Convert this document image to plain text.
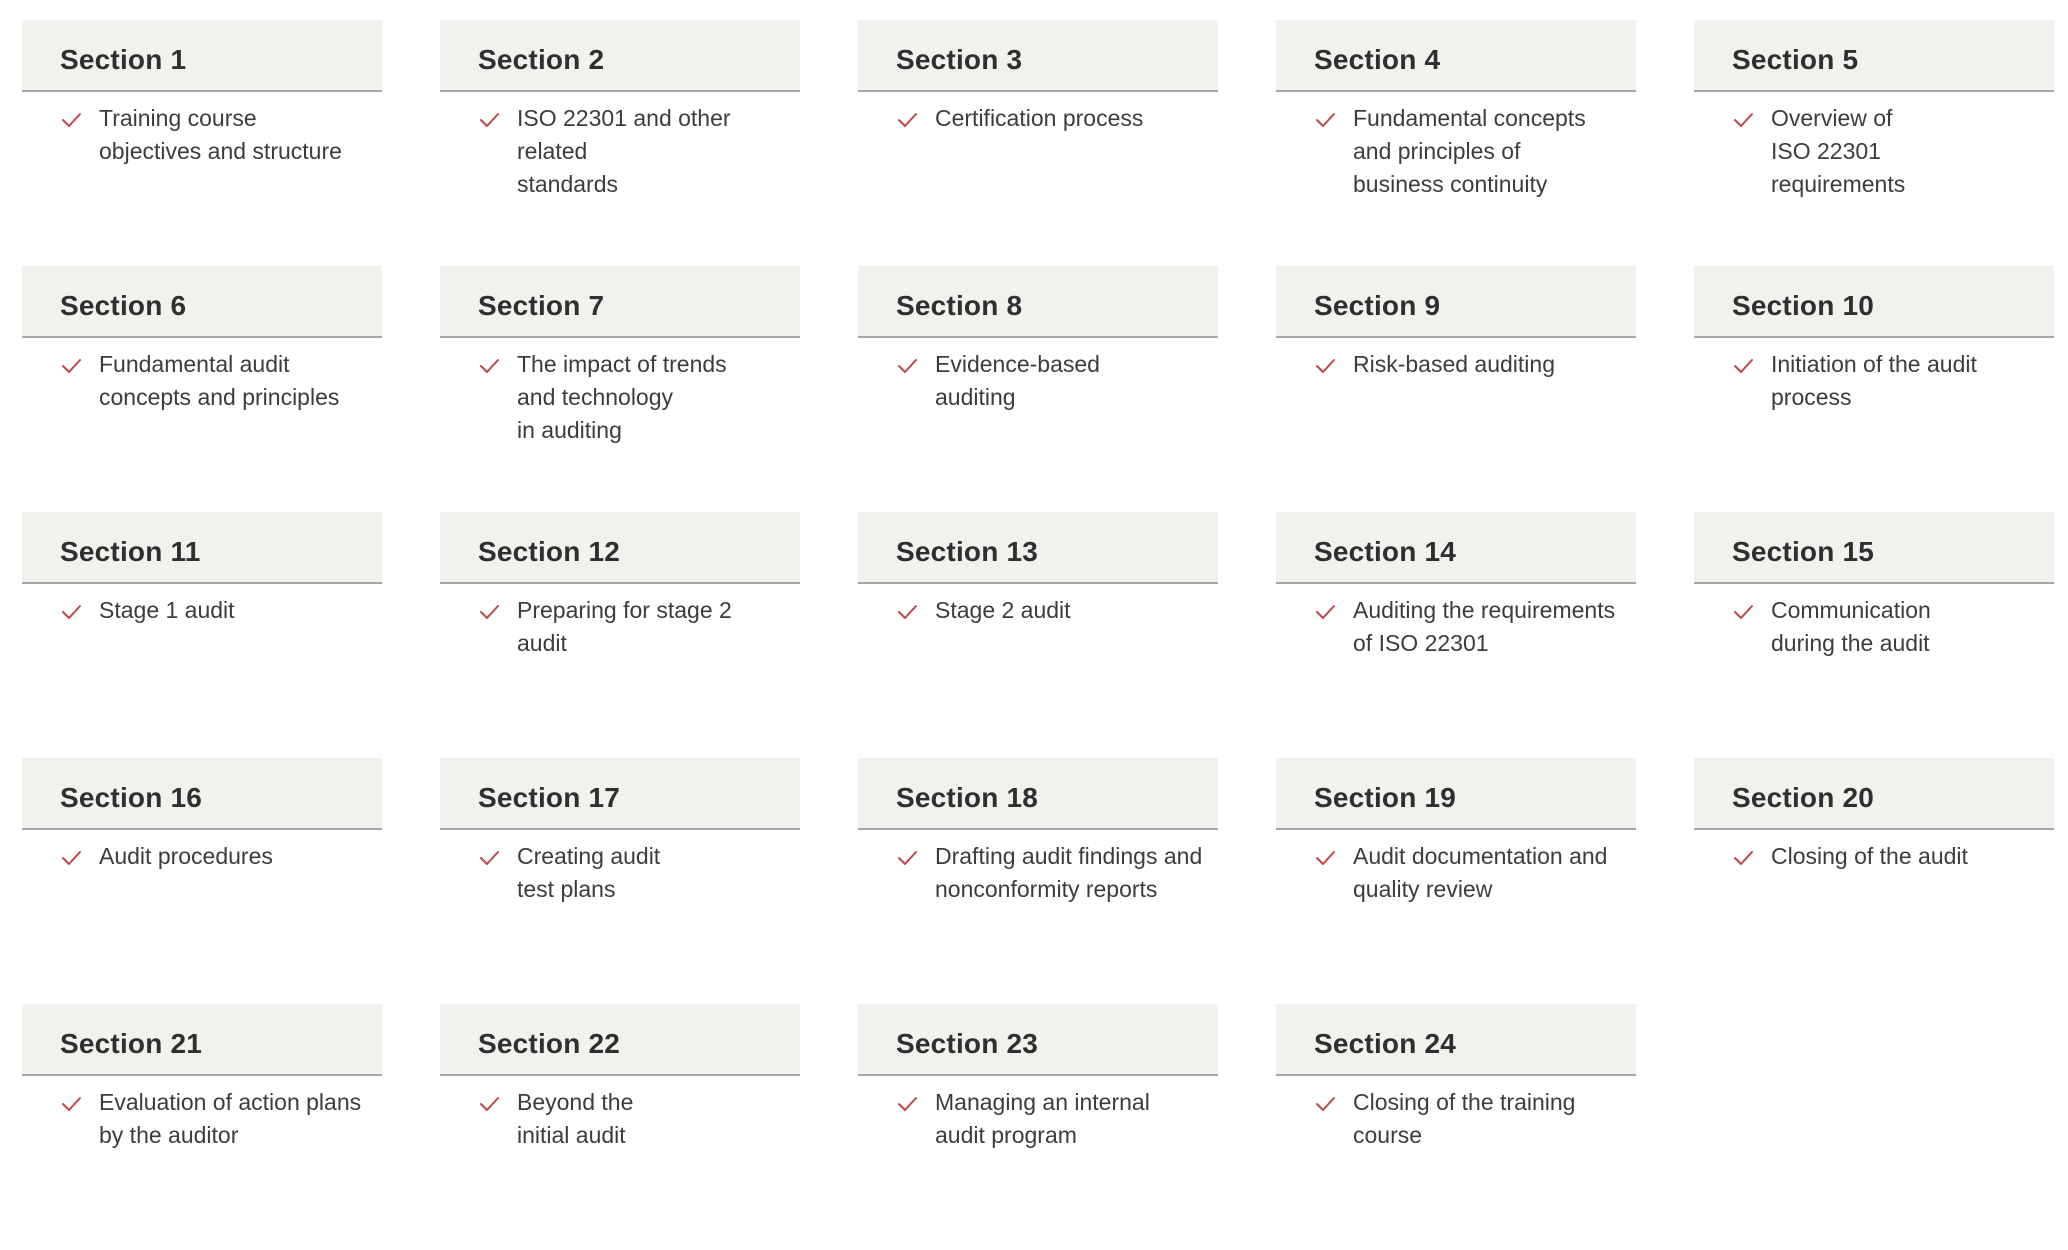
Section 1
Training course
objectives and structure
Section 2
ISO 22301 and other related
standards
Section 3
Certification process
Section 4
Fundamental concepts
and principles of
business continuity
Section 5
Overview of
ISO 22301
requirements
Section 6
Fundamental audit
concepts and principles
Section 7
The impact of trends
and technology
in auditing
Section 8
Evidence-based
auditing
Section 9
Risk-based auditing
Section 10
Initiation of the audit
process
Section 11
Stage 1 audit
Section 12
Preparing for stage 2
audit
Section 13
Stage 2 audit
Section 14
Auditing the requirements
of ISO 22301
Section 15
Communication
during the audit
Section 16
Audit procedures
Section 17
Creating audit
test plans
Section 18
Drafting audit findings and
nonconformity reports
Section 19
Audit documentation and
quality review
Section 20
Closing of the audit
Section 21
Evaluation of action plans
by the auditor
Section 22
Beyond the
initial audit
Section 23
Managing an internal
audit program
Section 24
Closing of the training
course
